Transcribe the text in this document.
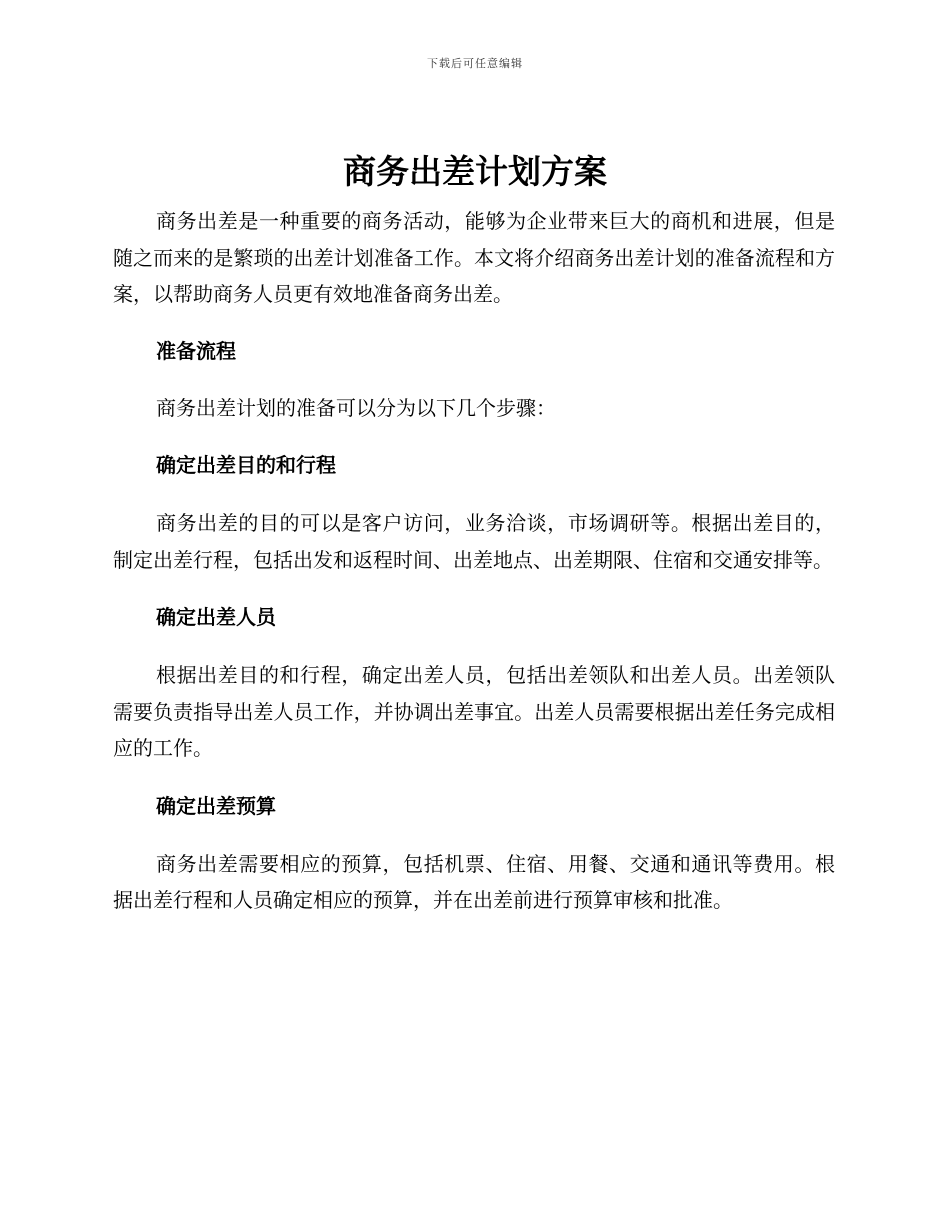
下载后可任意编辑
商务出差计划方案

商务出差是一种重要的商务活动，能够为企业带来巨大的商机和进展，但是随之而来的是繁琐的出差计划准备工作。本文将介绍商务出差计划的准备流程和方案，以帮助商务人员更有效地准备商务出差。

准备流程

商务出差计划的准备可以分为以下几个步骤：

确定出差目的和行程

商务出差的目的可以是客户访问，业务洽谈，市场调研等。根据出差目的，制定出差行程，包括出发和返程时间、出差地点、出差期限、住宿和交通安排等。

确定出差人员

根据出差目的和行程，确定出差人员，包括出差领队和出差人员。出差领队需要负责指导出差人员工作，并协调出差事宜。出差人员需要根据出差任务完成相应的工作。

确定出差预算

商务出差需要相应的预算，包括机票、住宿、用餐、交通和通讯等费用。根据出差行程和人员确定相应的预算，并在出差前进行预算审核和批准。
